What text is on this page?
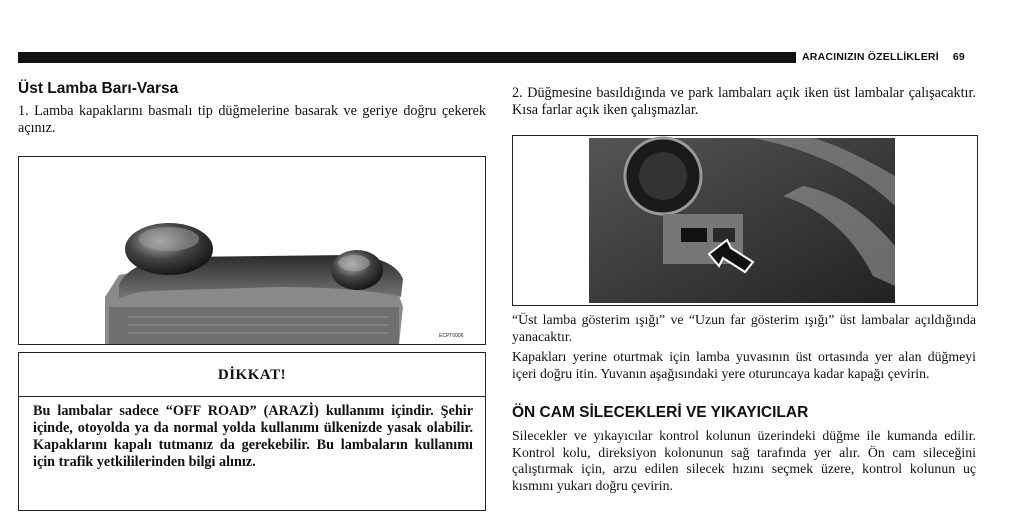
ARACINIZIN ÖZELLİKLERİ 69
Üst Lamba Barı-Varsa
1. Lamba kapaklarını basmalı tip düğmelerine basarak ve geriye doğru çekerek açınız.
ECPT0006
DİKKAT!
Bu lambalar sadece “OFF ROAD” (ARAZİ) kullanımı içindir. Şehir içinde, otoyolda ya da normal yolda kullanımı ülkenizde yasak olabilir. Kapaklarını kapalı tutmanız da gerekebilir. Bu lambaların kullanımı için trafik yetkililerinden bilgi alınız.
2. Düğmesine basıldığında ve park lambaları açık iken üst lambalar çalışacaktır. Kısa farlar açık iken çalışmazlar.
“Üst lamba gösterim ışığı” ve “Uzun far gösterim ışığı” üst lambalar açıldığında yanacaktır.
Kapakları yerine oturtmak için lamba yuvasının üst ortasında yer alan düğmeyi içeri doğru itin. Yuvanın aşağısındaki yere oturuncaya kadar kapağı çevirin.
ÖN CAM SİLECEKLERİ VE YIKAYICILAR
Silecekler ve yıkayıcılar kontrol kolunun üzerindeki düğme ile kumanda edilir. Kontrol kolu, direksiyon kolonunun sağ tarafında yer alır. Ön cam sileceğini çalıştırmak için, arzu edilen silecek hızını seçmek üzere, kontrol kolunun uç kısmını yukarı doğru çevirin.
